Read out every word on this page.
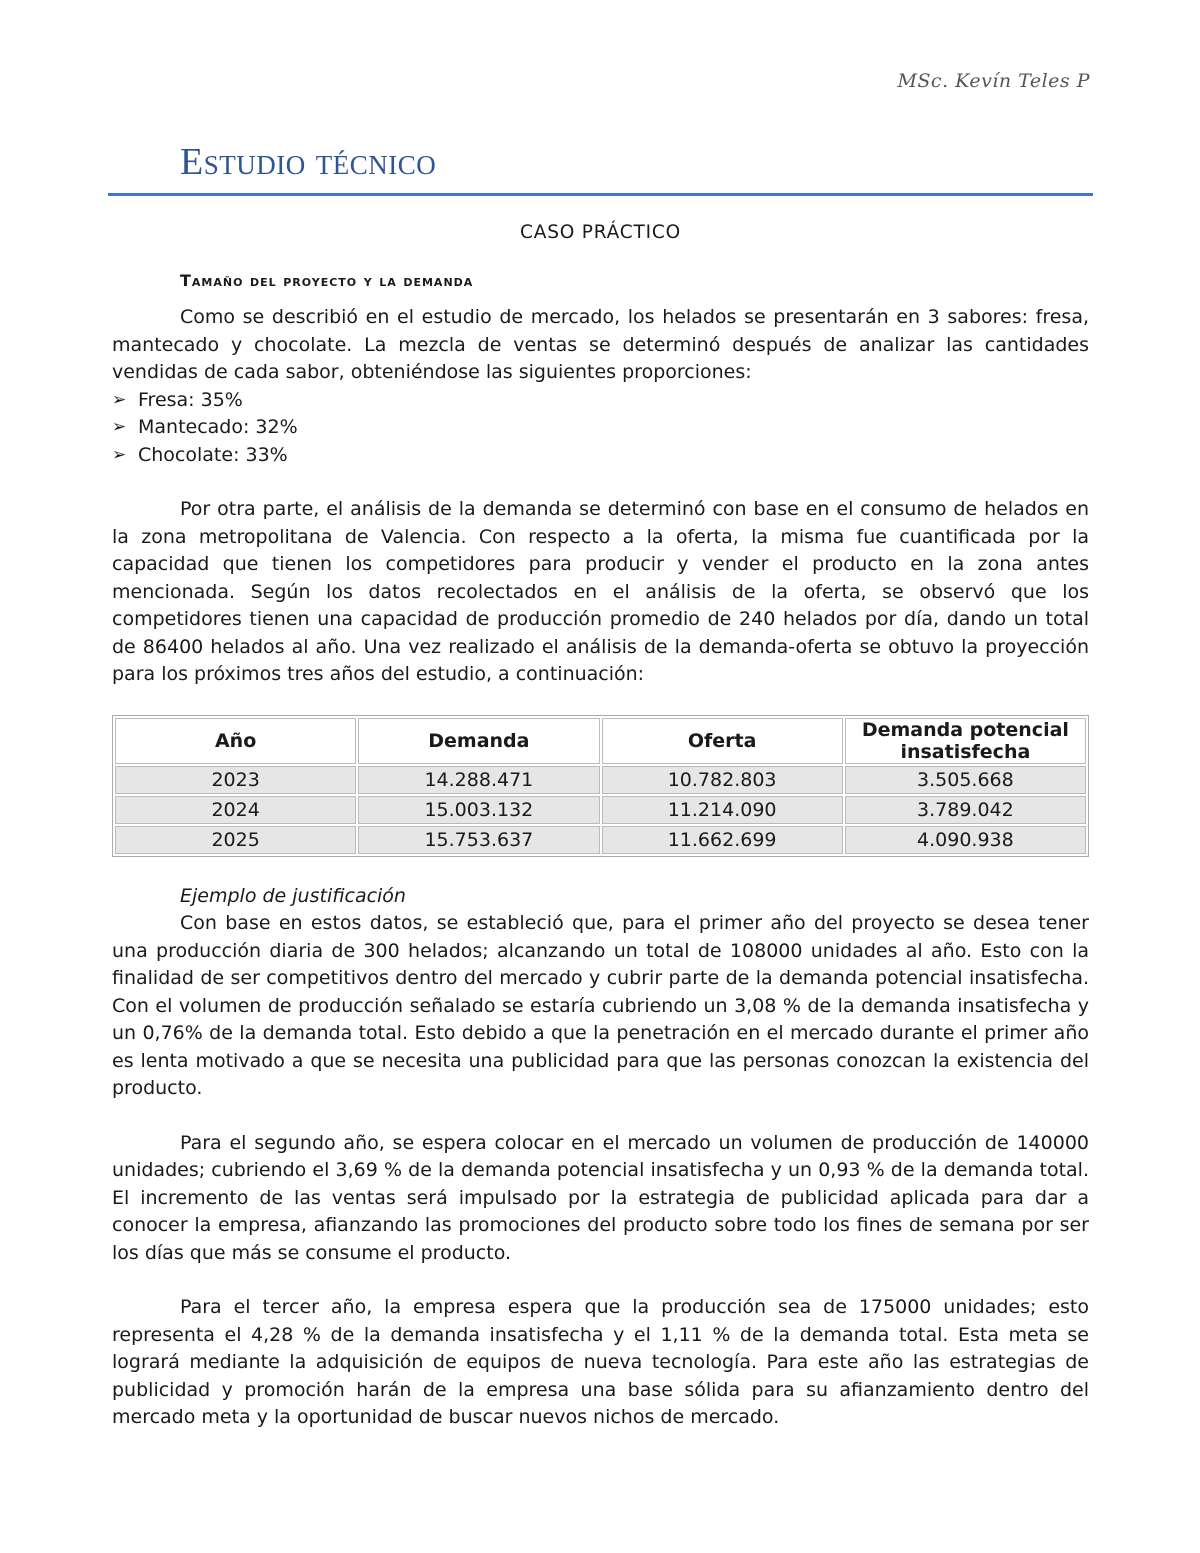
MSc. Kevín Teles P
Estudio técnico
CASO PRÁCTICO
Tamaño del proyecto y la demanda

Como se describió en el estudio de mercado, los helados se presentarán en 3 sabores: fresa, mantecado y chocolate. La mezcla de ventas se determinó después de analizar las cantidades vendidas de cada sabor, obteniéndose las siguientes proporciones:

➢ Fresa: 35%
➢ Mantecado: 32%
➢ Chocolate: 33%

Por otra parte, el análisis de la demanda se determinó con base en el consumo de helados en la zona metropolitana de Valencia. Con respecto a la oferta, la misma fue cuantificada por la capacidad que tienen los competidores para producir y vender el producto en la zona antes mencionada. Según los datos recolectados en el análisis de la oferta, se observó que los competidores tienen una capacidad de producción promedio de 240 helados por día, dando un total de 86400 helados al año. Una vez realizado el análisis de la demanda-oferta se obtuvo la proyección para los próximos tres años del estudio, a continuación:

Año	Demanda	Oferta	Demanda potencial insatisfecha
2023	14.288.471	10.782.803	3.505.668
2024	15.003.132	11.214.090	3.789.042
2025	15.753.637	11.662.699	4.090.938
Ejemplo de justificación

Con base en estos datos, se estableció que, para el primer año del proyecto se desea tener una producción diaria de 300 helados; alcanzando un total de 108000 unidades al año. Esto con la finalidad de ser competitivos dentro del mercado y cubrir parte de la demanda potencial insatisfecha. Con el volumen de producción señalado se estaría cubriendo un 3,08 % de la demanda insatisfecha y un 0,76% de la demanda total. Esto debido a que la penetración en el mercado durante el primer año es lenta motivado a que se necesita una publicidad para que las personas conozcan la existencia del producto.

Para el segundo año, se espera colocar en el mercado un volumen de producción de 140000 unidades; cubriendo el 3,69 % de la demanda potencial insatisfecha y un 0,93 % de la demanda total. El incremento de las ventas será impulsado por la estrategia de publicidad aplicada para dar a conocer la empresa, afianzando las promociones del producto sobre todo los fines de semana por ser los días que más se consume el producto.

Para el tercer año, la empresa espera que la producción sea de 175000 unidades; esto representa el 4,28 % de la demanda insatisfecha y el 1,11 % de la demanda total. Esta meta se logrará mediante la adquisición de equipos de nueva tecnología. Para este año las estrategias de publicidad y promoción harán de la empresa una base sólida para su afianzamiento dentro del mercado meta y la oportunidad de buscar nuevos nichos de mercado.
